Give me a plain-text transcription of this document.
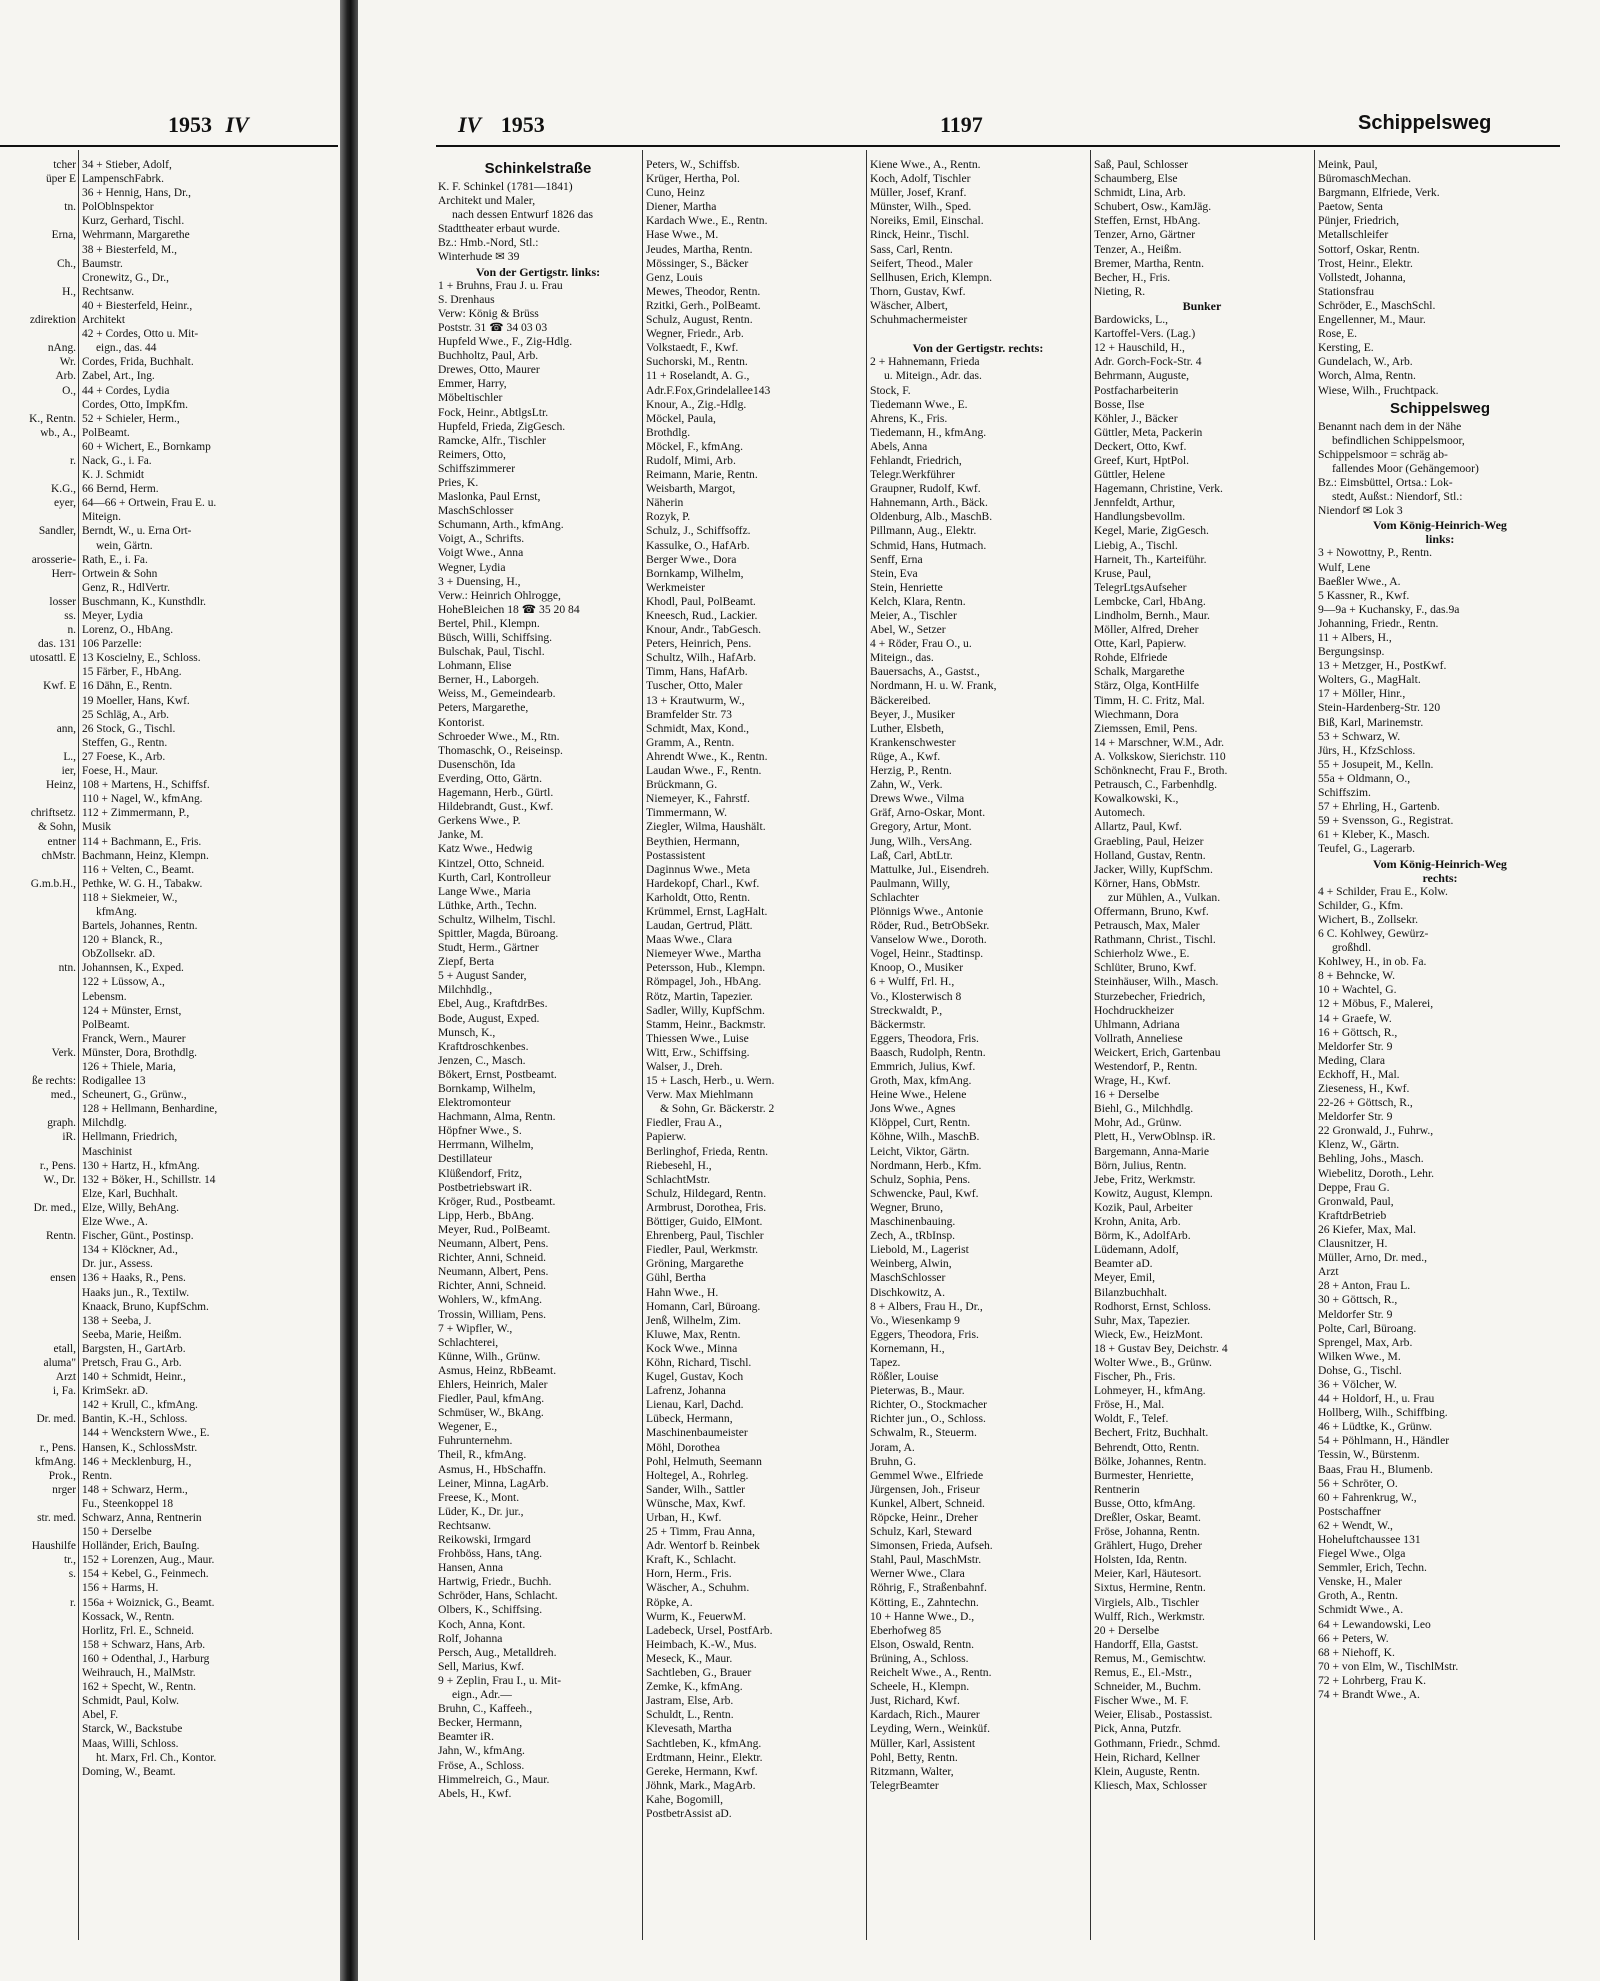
1953 IV
tcher
üper E
tn.
Erna,
Ch.,
H.,
zdirektion
nAng.
Wr.
Arb.
O.,
K., Rentn.
wb., A.,
r.
K.G.,
eyer,
Sandler,
arosserie-
Herr-
losser
ss.
n.
das. 131
utosattl. E
Kwf. E
ann,
L.,
ier,
Heinz,
chriftsetz.
& Sohn,
entner
chMstr.
G.m.b.H.,
ntn.
Verk.
ße rechts:
med.,
graph.
iR.
r., Pens.
W., Dr.
Dr. med.,
Rentn.
ensen
etall,
aluma"
Arzt
i, Fa.
Dr. med.
r., Pens.
kfmAng.
Prok.,
nrger
str. med.
Haushilfe
tr.,
s.
r.
34 + Stieber, Adolf,
LampenschFabrk.
36 + Hennig, Hans, Dr.,
PolOblnspektor
Kurz, Gerhard, Tischl.
Wehrmann, Margarethe
38 + Biesterfeld, M.,
Baumstr.
Cronewitz, G., Dr.,
Rechtsanw.
40 + Biesterfeld, Heinr.,
Architekt
42 + Cordes, Otto u. Mit-
eign., das. 44
Cordes, Frida, Buchhalt.
Zabel, Art., Ing.
44 + Cordes, Lydia
Cordes, Otto, ImpKfm.
52 + Schieler, Herm.,
PolBeamt.
60 + Wichert, E., Bornkamp
Nack, G., i. Fa.
K. J. Schmidt
66 Bernd, Herm.
64—66 + Ortwein, Frau E. u.
Miteign.
Berndt, W., u. Erna Ort-
wein, Gärtn.
Rath, E., i. Fa.
Ortwein & Sohn
Genz, R., HdlVertr.
Buschmann, K., Kunsthdlr.
Meyer, Lydia
Lorenz, O., HbAng.
106 Parzelle:
13 Koscielny, E., Schloss.
15 Färber, F., HbAng.
16 Dähn, E., Rentn.
19 Moeller, Hans, Kwf.
25 Schläg, A., Arb.
26 Stock, G., Tischl.
Steffen, G., Rentn.
27 Foese, K., Arb.
Foese, H., Maur.
108 + Martens, H., Schiffsf.
110 + Nagel, W., kfmAng.
112 + Zimmermann, P.,
Musik
114 + Bachmann, E., Fris.
Bachmann, Heinz, Klempn.
116 + Velten, C., Beamt.
Pethke, W. G. H., Tabakw.
118 + Siekmeier, W.,
kfmAng.
Bartels, Johannes, Rentn.
120 + Blanck, R.,
ObZollsekr. aD.
Johannsen, K., Exped.
122 + Lüssow, A.,
Lebensm.
124 + Münster, Ernst,
PolBeamt.
Franck, Wern., Maurer
Münster, Dora, Brothdlg.
126 + Thiele, Maria,
Rodigallee 13
Scheunert, G., Grünw.,
128 + Hellmann, Benhardine,
Milchdlg.
Hellmann, Friedrich,
Maschinist
130 + Hartz, H., kfmAng.
132 + Böker, H., Schillstr. 14
Elze, Karl, Buchhalt.
Elze, Willy, BehAng.
Elze Wwe., A.
Fischer, Günt., Postinsp.
134 + Klöckner, Ad.,
Dr. jur., Assess.
136 + Haaks, R., Pens.
Haaks jun., R., Textilw.
Knaack, Bruno, KupfSchm.
138 + Seeba, J.
Seeba, Marie, Heißm.
Bargsten, H., GartArb.
Pretsch, Frau G., Arb.
140 + Schmidt, Heinr.,
KrimSekr. aD.
142 + Krull, C., kfmAng.
Bantin, K.-H., Schloss.
144 + Wenckstern Wwe., E.
Hansen, K., SchlossMstr.
146 + Mecklenburg, H.,
Rentn.
148 + Schwarz, Herm.,
Fu., Steenkoppel 18
Schwarz, Anna, Rentnerin
150 + Derselbe
Holländer, Erich, BauIng.
152 + Lorenzen, Aug., Maur.
154 + Kebel, G., Feinmech.
156 + Harms, H.
156a + Woiznick, G., Beamt.
Kossack, W., Rentn.
Horlitz, Frl. E., Schneid.
158 + Schwarz, Hans, Arb.
160 + Odenthal, J., Harburg
Weihrauch, H., MalMstr.
162 + Specht, W., Rentn.
Schmidt, Paul, Kolw.
Abel, F.
Starck, W., Backstube
Maas, Willi, Schloss.
ht. Marx, Frl. Ch., Kontor.
Doming, W., Beamt.
IV 1953	1197	Schippelsweg
Schinkelstraße
K. F. Schinkel (1781—1841)
Architekt und Maler,
nach dessen Entwurf 1826 das
Stadttheater erbaut wurde.
Bz.: Hmb.-Nord, Stl.:
Winterhude ✉ 39
Von der Gertigstr. links:
1 + Bruhns, Frau J. u. Frau
S. Drenhaus
Verw: König & Brüss
Poststr. 31 ☎ 34 03 03
Hupfeld Wwe., F., Zig-Hdlg.
Buchholtz, Paul, Arb.
Drewes, Otto, Maurer
Emmer, Harry,
Möbeltischler
Fock, Heinr., AbtlgsLtr.
Hupfeld, Frieda, ZigGesch.
Ramcke, Alfr., Tischler
Reimers, Otto,
Schiffszimmerer
Pries, K.
Maslonka, Paul Ernst,
MaschSchlosser
Schumann, Arth., kfmAng.
Voigt, A., Schrifts.
Voigt Wwe., Anna
Wegner, Lydia
3 + Duensing, H.,
Verw.: Heinrich Ohlrogge,
HoheBleichen 18 ☎ 35 20 84
Bertel, Phil., Klempn.
Büsch, Willi, Schiffsing.
Bulschak, Paul, Tischl.
Lohmann, Elise
Berner, H., Laborgeh.
Weiss, M., Gemeindearb.
Peters, Margarethe,
Kontorist.
Schroeder Wwe., M., Rtn.
Thomaschk, O., Reiseinsp.
Dusenschön, Ida
Everding, Otto, Gärtn.
Hagemann, Herb., Gürtl.
Hildebrandt, Gust., Kwf.
Gerkens Wwe., P.
Janke, M.
Katz Wwe., Hedwig
Kintzel, Otto, Schneid.
Kurth, Carl, Kontrolleur
Lange Wwe., Maria
Lüthke, Arth., Techn.
Schultz, Wilhelm, Tischl.
Spittler, Magda, Büroang.
Studt, Herm., Gärtner
Ziepf, Berta
5 + August Sander,
Milchhdlg.,
Ebel, Aug., KraftdrBes.
Bode, August, Exped.
Munsch, K.,
Kraftdroschkenbes.
Jenzen, C., Masch.
Bökert, Ernst, Postbeamt.
Bornkamp, Wilhelm,
Elektromonteur
Hachmann, Alma, Rentn.
Höpfner Wwe., S.
Herrmann, Wilhelm,
Destillateur
Klüßendorf, Fritz,
Postbetriebswart iR.
Kröger, Rud., Postbeamt.
Lipp, Herb., BbAng.
Meyer, Rud., PolBeamt.
Neumann, Albert, Pens.
Richter, Anni, Schneid.
Neumann, Albert, Pens.
Richter, Anni, Schneid.
Wohlers, W., kfmAng.
Trossin, William, Pens.
7 + Wipfler, W.,
Schlachterei,
Künne, Wilh., Grünw.
Asmus, Heinz, RbBeamt.
Ehlers, Heinrich, Maler
Fiedler, Paul, kfmAng.
Schmüser, W., BkAng.
Wegener, E.,
Fuhrunternehm.
Theil, R., kfmAng.
Asmus, H., HbSchaffn.
Leiner, Minna, LagArb.
Freese, K., Mont.
Lüder, K., Dr. jur.,
Rechtsanw.
Reikowski, Irmgard
Frohböss, Hans, tAng.
Hansen, Anna
Hartwig, Friedr., Buchh.
Schröder, Hans, Schlacht.
Olbers, K., Schiffsing.
Koch, Anna, Kont.
Rolf, Johanna
Persch, Aug., Metalldreh.
Sell, Marius, Kwf.
9 + Zeplin, Frau I., u. Mit-
eign., Adr.—
Bruhn, C., Kaffeeh.,
Becker, Hermann,
Beamter iR.
Jahn, W., kfmAng.
Fröse, A., Schloss.
Himmelreich, G., Maur.
Abels, H., Kwf.
Peters, W., Schiffsb.
Krüger, Hertha, Pol.
Cuno, Heinz
Diener, Martha
Kardach Wwe., E., Rentn.
Hase Wwe., M.
Jeudes, Martha, Rentn.
Mössinger, S., Bäcker
Genz, Louis
Mewes, Theodor, Rentn.
Rzitki, Gerh., PolBeamt.
Schulz, August, Rentn.
Wegner, Friedr., Arb.
Volkstaedt, F., Kwf.
Suchorski, M., Rentn.
11 + Roselandt, A. G.,
Adr.F.Fox,Grindelallee143
Knour, A., Zig.-Hdlg.
Möckel, Paula,
Brothdlg.
Möckel, F., kfmAng.
Rudolf, Mimi, Arb.
Reimann, Marie, Rentn.
Weisbarth, Margot,
Näherin
Rozyk, P.
Schulz, J., Schiffsoffz.
Kassulke, O., HafArb.
Berger Wwe., Dora
Bornkamp, Wilhelm,
Werkmeister
Khodl, Paul, PolBeamt.
Kneesch, Rud., Lackier.
Knour, Andr., TabGesch.
Peters, Heinrich, Pens.
Schultz, Wilh., HafArb.
Timm, Hans, HafArb.
Tuscher, Otto, Maler
13 + Krautwurm, W.,
Bramfelder Str. 73
Schmidt, Max, Kond.,
Gramm, A., Rentn.
Ahrendt Wwe., K., Rentn.
Laudan Wwe., F., Rentn.
Brückmann, G.
Niemeyer, K., Fahrstf.
Timmermann, W.
Ziegler, Wilma, Haushält.
Beythien, Hermann,
Postassistent
Daginnus Wwe., Meta
Hardekopf, Charl., Kwf.
Karholdt, Otto, Rentn.
Krümmel, Ernst, LagHalt.
Laudan, Gertrud, Plätt.
Maas Wwe., Clara
Niemeyer Wwe., Martha
Petersson, Hub., Klempn.
Römpagel, Joh., HbAng.
Rötz, Martin, Tapezier.
Sadler, Willy, KupfSchm.
Stamm, Heinr., Backmstr.
Thiessen Wwe., Luise
Witt, Erw., Schiffsing.
Walser, J., Dreh.
15 + Lasch, Herb., u. Wern.
Verw. Max Miehlmann
& Sohn, Gr. Bäckerstr. 2
Fiedler, Frau A.,
Papierw.
Berlinghof, Frieda, Rentn.
Riebesehl, H.,
SchlachtMstr.
Schulz, Hildegard, Rentn.
Armbrust, Dorothea, Fris.
Böttiger, Guido, ElMont.
Ehrenberg, Paul, Tischler
Fiedler, Paul, Werkmstr.
Gröning, Margarethe
Gühl, Bertha
Hahn Wwe., H.
Homann, Carl, Büroang.
Jenß, Wilhelm, Zim.
Kluwe, Max, Rentn.
Kock Wwe., Minna
Köhn, Richard, Tischl.
Kugel, Gustav, Koch
Lafrenz, Johanna
Lienau, Karl, Dachd.
Lübeck, Hermann,
Maschinenbaumeister
Möhl, Dorothea
Pohl, Helmuth, Seemann
Holtegel, A., Rohrleg.
Sander, Wilh., Sattler
Wünsche, Max, Kwf.
Urban, H., Kwf.
25 + Timm, Frau Anna,
Adr. Wentorf b. Reinbek
Kraft, K., Schlacht.
Horn, Herm., Fris.
Wäscher, A., Schuhm.
Röpke, A.
Wurm, K., FeuerwM.
Ladebeck, Ursel, PostfArb.
Heimbach, K.-W., Mus.
Meseck, K., Maur.
Sachtleben, G., Brauer
Zemke, K., kfmAng.
Jastram, Else, Arb.
Schuldt, L., Rentn.
Klevesath, Martha
Sachtleben, K., kfmAng.
Erdtmann, Heinr., Elektr.
Gereke, Hermann, Kwf.
Jöhnk, Mark., MagArb.
Kahe, Bogomill,
PostbetrAssist aD.
Kiene Wwe., A., Rentn.
Koch, Adolf, Tischler
Müller, Josef, Kranf.
Münster, Wilh., Sped.
Noreiks, Emil, Einschal.
Rinck, Heinr., Tischl.
Sass, Carl, Rentn.
Seifert, Theod., Maler
Sellhusen, Erich, Klempn.
Thorn, Gustav, Kwf.
Wäscher, Albert,
Schuhmachermeister
Von der Gertigstr. rechts:
2 + Hahnemann, Frieda
u. Miteign., Adr. das.
Stock, F.
Tiedemann Wwe., E.
Ahrens, K., Fris.
Tiedemann, H., kfmAng.
Abels, Anna
Fehlandt, Friedrich,
Telegr.Werkführer
Graupner, Rudolf, Kwf.
Hahnemann, Arth., Bäck.
Oldenburg, Alb., MaschB.
Pillmann, Aug., Elektr.
Schmid, Hans, Hutmach.
Senff, Erna
Stein, Eva
Stein, Henriette
Kelch, Klara, Rentn.
Meier, A., Tischler
Abel, W., Setzer
4 + Röder, Frau O., u.
Miteign., das.
Bauersachs, A., Gastst.,
Nordmann, H. u. W. Frank,
Bäckereibed.
Beyer, J., Musiker
Luther, Elsbeth,
Krankenschwester
Rüge, A., Kwf.
Herzig, P., Rentn.
Zahn, W., Verk.
Drews Wwe., Vilma
Gräf, Arno-Oskar, Mont.
Gregory, Artur, Mont.
Jung, Wilh., VersAng.
Laß, Carl, AbtLtr.
Mattulke, Jul., Eisendreh.
Paulmann, Willy,
Schlachter
Plönnigs Wwe., Antonie
Röder, Rud., BetrObSekr.
Vanselow Wwe., Doroth.
Vogel, Heinr., Stadtinsp.
Knoop, O., Musiker
6 + Wulff, Frl. H.,
Vo., Klosterwisch 8
Streckwaldt, P.,
Bäckermstr.
Eggers, Theodora, Fris.
Baasch, Rudolph, Rentn.
Emmrich, Julius, Kwf.
Groth, Max, kfmAng.
Heine Wwe., Helene
Jons Wwe., Agnes
Klöppel, Curt, Rentn.
Köhne, Wilh., MaschB.
Leicht, Viktor, Gärtn.
Nordmann, Herb., Kfm.
Schulz, Sophia, Pens.
Schwencke, Paul, Kwf.
Wegner, Bruno,
Maschinenbauing.
Zech, A., tRbInsp.
Liebold, M., Lagerist
Weinberg, Alwin,
MaschSchlosser
Dischkowitz, A.
8 + Albers, Frau H., Dr.,
Vo., Wiesenkamp 9
Eggers, Theodora, Fris.
Kornemann, H.,
Tapez.
Rößler, Louise
Pieterwas, B., Maur.
Richter, O., Stockmacher
Richter jun., O., Schloss.
Schwalm, R., Steuerm.
Joram, A.
Bruhn, G.
Gemmel Wwe., Elfriede
Jürgensen, Joh., Friseur
Kunkel, Albert, Schneid.
Röpcke, Heinr., Dreher
Schulz, Karl, Steward
Simonsen, Frieda, Aufseh.
Stahl, Paul, MaschMstr.
Werner Wwe., Clara
Röhrig, F., Straßenbahnf.
Kötting, E., Zahntechn.
10 + Hanne Wwe., D.,
Eberhofweg 85
Elson, Oswald, Rentn.
Brüning, A., Schloss.
Reichelt Wwe., A., Rentn.
Scheele, H., Klempn.
Just, Richard, Kwf.
Kardach, Rich., Maurer
Leyding, Wern., Weinküf.
Müller, Karl, Assistent
Pohl, Betty, Rentn.
Ritzmann, Walter,
TelegrBeamter
Saß, Paul, Schlosser
Schaumberg, Else
Schmidt, Lina, Arb.
Schubert, Osw., KamJäg.
Steffen, Ernst, HbAng.
Tenzer, Arno, Gärtner
Tenzer, A., Heißm.
Bremer, Martha, Rentn.
Becher, H., Fris.
Nieting, R.
Bunker
Bardowicks, L.,
Kartoffel-Vers. (Lag.)
12 + Hauschild, H.,
Adr. Gorch-Fock-Str. 4
Behrmann, Auguste,
Postfacharbeiterin
Bosse, Ilse
Köhler, J., Bäcker
Güttler, Meta, Packerin
Deckert, Otto, Kwf.
Greef, Kurt, HptPol.
Güttler, Helene
Hagemann, Christine, Verk.
Jennfeldt, Arthur,
Handlungsbevollm.
Kegel, Marie, ZigGesch.
Liebig, A., Tischl.
Harneit, Th., Karteiführ.
Kruse, Paul,
TelegrLtgsAufseher
Lembcke, Carl, HbAng.
Lindholm, Bernh., Maur.
Möller, Alfred, Dreher
Otte, Karl, Papierw.
Rohde, Elfriede
Schalk, Margarethe
Stärz, Olga, KontHilfe
Timm, H. C. Fritz, Mal.
Wiechmann, Dora
Ziemssen, Emil, Pens.
14 + Marschner, W.M., Adr.
A. Volkskow, Sierichstr. 110
Schönknecht, Frau F., Broth.
Petrausch, C., Farbenhdlg.
Kowalkowski, K.,
Automech.
Allartz, Paul, Kwf.
Graebling, Paul, Heizer
Holland, Gustav, Rentn.
Jacker, Willy, KupfSchm.
Körner, Hans, ObMstr.
zur Mühlen, A., Vulkan.
Offermann, Bruno, Kwf.
Petrausch, Max, Maler
Rathmann, Christ., Tischl.
Schierholz Wwe., E.
Schlüter, Bruno, Kwf.
Steinhäuser, Wilh., Masch.
Sturzebecher, Friedrich,
Hochdruckheizer
Uhlmann, Adriana
Vollrath, Anneliese
Weickert, Erich, Gartenbau
Westendorf, P., Rentn.
Wrage, H., Kwf.
16 + Derselbe
Biehl, G., Milchhdlg.
Mohr, Ad., Grünw.
Plett, H., VerwOblnsp. iR.
Bargemann, Anna-Marie
Börn, Julius, Rentn.
Jebe, Fritz, Werkmstr.
Kowitz, August, Klempn.
Kozik, Paul, Arbeiter
Krohn, Anita, Arb.
Börm, K., AdolfArb.
Lüdemann, Adolf,
Beamter aD.
Meyer, Emil,
Bilanzbuchhalt.
Rodhorst, Ernst, Schloss.
Suhr, Max, Tapezier.
Wieck, Ew., HeizMont.
18 + Gustav Bey, Deichstr. 4
Wolter Wwe., B., Grünw.
Fischer, Ph., Fris.
Lohmeyer, H., kfmAng.
Fröse, H., Mal.
Woldt, F., Telef.
Bechert, Fritz, Buchhalt.
Behrendt, Otto, Rentn.
Bölke, Johannes, Rentn.
Burmester, Henriette,
Rentnerin
Busse, Otto, kfmAng.
Dreßler, Oskar, Beamt.
Fröse, Johanna, Rentn.
Grählert, Hugo, Dreher
Holsten, Ida, Rentn.
Meier, Karl, Häutesort.
Sixtus, Hermine, Rentn.
Virgiels, Alb., Tischler
Wulff, Rich., Werkmstr.
20 + Derselbe
Handorff, Ella, Gastst.
Remus, M., Gemischtw.
Remus, E., El.-Mstr.,
Schneider, M., Buchm.
Fischer Wwe., M. F.
Weier, Elisab., Postassist.
Pick, Anna, Putzfr.
Gothmann, Friedr., Schmd.
Hein, Richard, Kellner
Klein, Auguste, Rentn.
Kliesch, Max, Schlosser
Meink, Paul,
BüromaschMechan.
Bargmann, Elfriede, Verk.
Paetow, Senta
Pünjer, Friedrich,
Metallschleifer
Sottorf, Oskar, Rentn.
Trost, Heinr., Elektr.
Vollstedt, Johanna,
Stationsfrau
Schröder, E., MaschSchl.
Engellenner, M., Maur.
Rose, E.
Kersting, E.
Gundelach, W., Arb.
Worch, Alma, Rentn.
Wiese, Wilh., Fruchtpack.
Schippelsweg
Benannt nach dem in der Nähe
befindlichen Schippelsmoor,
Schippelsmoor = schräg ab-
fallendes Moor (Gehängemoor)
Bz.: Eimsbüttel, Ortsa.: Lok-
stedt, Außst.: Niendorf, Stl.:
Niendorf ✉ Lok 3
Vom König-Heinrich-Weg
links:
3 + Nowottny, P., Rentn.
Wulf, Lene
Baeßler Wwe., A.
5 Kassner, R., Kwf.
9—9a + Kuchansky, F., das.9a
Johanning, Friedr., Rentn.
11 + Albers, H.,
Bergungsinsp.
13 + Metzger, H., PostKwf.
Wolters, G., MagHalt.
17 + Möller, Hinr.,
Stein-Hardenberg-Str. 120
Biß, Karl, Marinemstr.
53 + Schwarz, W.
Jürs, H., KfzSchloss.
55 + Josupeit, M., Kelln.
55a + Oldmann, O.,
Schiffszim.
57 + Ehrling, H., Gartenb.
59 + Svensson, G., Registrat.
61 + Kleber, K., Masch.
Teufel, G., Lagerarb.
Vom König-Heinrich-Weg
rechts:
4 + Schilder, Frau E., Kolw.
Schilder, G., Kfm.
Wichert, B., Zollsekr.
6 C. Kohlwey, Gewürz-
großhdl.
Kohlwey, H., in ob. Fa.
8 + Behncke, W.
10 + Wachtel, G.
12 + Möbus, F., Malerei,
14 + Graefe, W.
16 + Göttsch, R.,
Meldorfer Str. 9
Meding, Clara
Eckhoff, H., Mal.
Zieseness, H., Kwf.
22-26 + Göttsch, R.,
Meldorfer Str. 9
22 Gronwald, J., Fuhrw.,
Klenz, W., Gärtn.
Behling, Johs., Masch.
Wiebelitz, Doroth., Lehr.
Deppe, Frau G.
Gronwald, Paul,
KraftdrBetrieb
26 Kiefer, Max, Mal.
Clausnitzer, H.
Müller, Arno, Dr. med.,
Arzt
28 + Anton, Frau L.
30 + Göttsch, R.,
Meldorfer Str. 9
Polte, Carl, Büroang.
Sprengel, Max, Arb.
Wilken Wwe., M.
Dohse, G., Tischl.
36 + Völcher, W.
44 + Holdorf, H., u. Frau
Hollberg, Wilh., Schiffbing.
46 + Lüdtke, K., Grünw.
54 + Pöhlmann, H., Händler
Tessin, W., Bürstenm.
Baas, Frau H., Blumenb.
56 + Schröter, O.
60 + Fahrenkrug, W.,
Postschaffner
62 + Wendt, W.,
Hoheluftchaussee 131
Fiegel Wwe., Olga
Semmler, Erich, Techn.
Venske, H., Maler
Groth, A., Rentn.
Schmidt Wwe., A.
64 + Lewandowski, Leo
66 + Peters, W.
68 + Niehoff, K.
70 + von Elm, W., TischlMstr.
72 + Lohrberg, Frau K.
74 + Brandt Wwe., A.
